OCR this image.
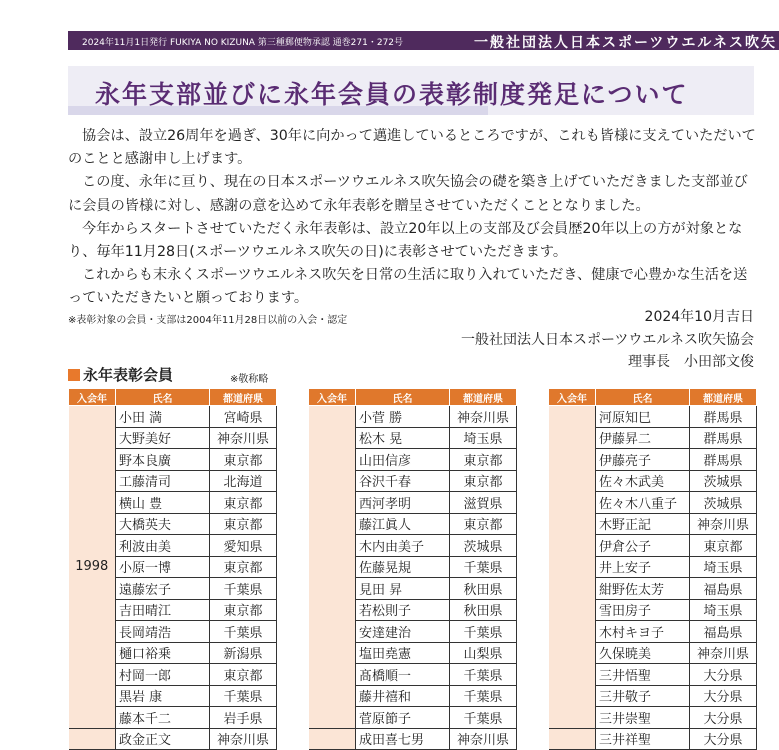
2024年11月1日発行 FUKIYA NO KIZUNA 第三種郵便物承認 通巻271・272号	一般社団法人日本スポーツウエルネス吹矢
永年支部並びに永年会員の表彰制度発足について

協会は、設立26周年を過ぎ、30年に向かって邁進しているところですが、これも皆様に支えていただいてのことと感謝申し上げます。

この度、永年に亘り、現在の日本スポーツウエルネス吹矢協会の礎を築き上げていただきました支部並びに会員の皆様に対し、感謝の意を込めて永年表彰を贈呈させていただくこととなりました。

今年からスタートさせていただく永年表彰は、設立20年以上の支部及び会員歴20年以上の方が対象となり、毎年11月28日(スポーツウエルネス吹矢の日)に表彰させていただきます。

これからも末永くスポーツウエルネス吹矢を日常の生活に取り入れていただき、健康で心豊かな生活を送っていただきたいと願っております。

※表彰対象の会員・支部は2004年11月28日以前の入会・認定	2024年10月吉日
一般社団法人日本スポーツウエルネス吹矢協会
理事長　小田部文俊
永年表彰会員	※敬称略
入会年	氏名	都道府県
1998	小田 満	宮崎県
	大野美好	神奈川県
	野本良廣	東京都
	工藤清司	北海道
	横山 豊	東京都
	大橋英夫	東京都
	利波由美	愛知県
	小原一博	東京都
	遠藤宏子	千葉県
	吉田晴江	東京都
	長岡靖浩	千葉県
	樋口裕乗	新潟県
	村岡一郎	東京都
	黒岩 康	千葉県
	藤本千二	岩手県
	政金正文	神奈川県
入会年	氏名	都道府県
	小菅 勝	神奈川県
	松木 晃	埼玉県
	山田信彦	東京都
	谷沢千春	東京都
	西河孝明	滋賀県
	藤江眞人	東京都
	木内由美子	茨城県
	佐藤晃規	千葉県
	見田 昇	秋田県
	若松則子	秋田県
	安達建治	千葉県
	塩田堯憲	山梨県
	髙橋順一	千葉県
	藤井禧和	千葉県
	菅原節子	千葉県
	成田喜七男	神奈川県
入会年	氏名	都道府県
	河原知巳	群馬県
	伊藤昇二	群馬県
	伊藤亮子	群馬県
	佐々木武美	茨城県
	佐々木八重子	茨城県
	木野正記	神奈川県
	伊倉公子	東京都
	井上安子	埼玉県
	紺野佐太芳	福島県
	雪田房子	埼玉県
	木村キヨ子	福島県
	久保暁美	神奈川県
	三井悟聖	大分県
	三井敬子	大分県
	三井崇聖	大分県
	三井祥聖	大分県
